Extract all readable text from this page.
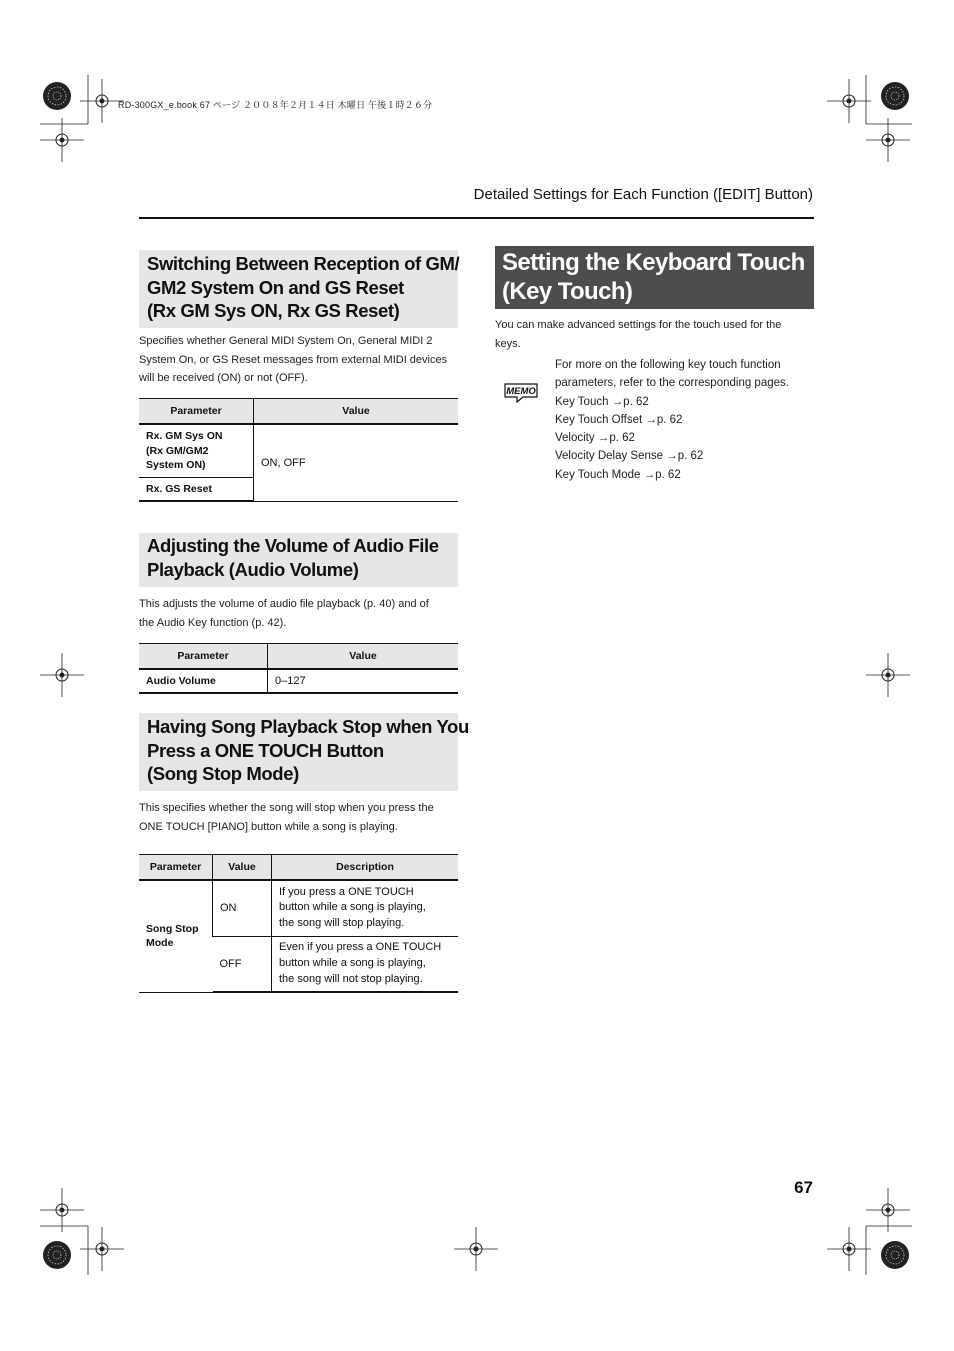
RD-300GX_e.book 67 ページ ２００８年２月１４日 木曜日 午後１時２６分
Detailed Settings for Each Function ([EDIT] Button)
Switching Between Reception of GM/
GM2 System On and GS Reset
(Rx GM Sys ON, Rx GS Reset)
Specifies whether General MIDI System On, General MIDI 2
System On, or GS Reset messages from external MIDI devices
will be received (ON) or not (OFF).
Parameter	Value

Rx. GM Sys ON
(Rx GM/GM2
System ON)	ON, OFF

Rx. GS Reset	
Adjusting the Volume of Audio File
Playback (Audio Volume)
This adjusts the volume of audio file playback (p. 40) and of
the Audio Key function (p. 42).
Parameter	Value
Audio Volume	0–127
Having Song Playback Stop when You
Press a ONE TOUCH Button
(Song Stop Mode)
This specifies whether the song will stop when you press the
ONE TOUCH [PIANO] button while a song is playing.
Parameter	Value	Description

Song Stop
Mode	ON	If you press a ONE TOUCH
button while a song is playing,
the song will stop playing.

	OFF	Even if you press a ONE TOUCH
button while a song is playing,
the song will not stop playing.
Setting the Keyboard Touch
(Key Touch)
You can make advanced settings for the touch used for the
keys.
MEMO
For more on the following key touch function
parameters, refer to the corresponding pages.
Key Touch →p. 62
Key Touch Offset →p. 62
Velocity →p. 62
Velocity Delay Sense →p. 62
Key Touch Mode →p. 62
67
